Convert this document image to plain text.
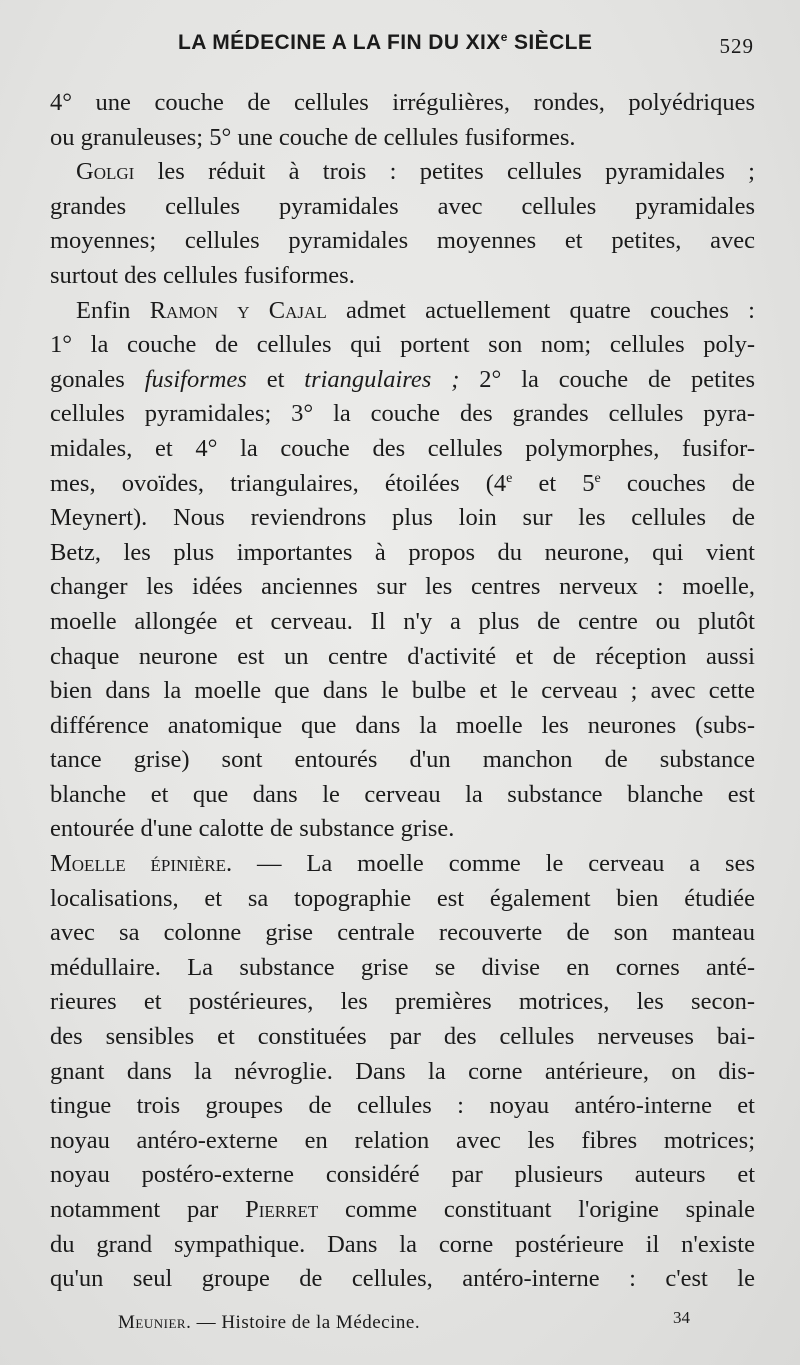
LA MÉDECINE A LA FIN DU XIXe SIÈCLE	529
4° une couche de cellules irrégulières, rondes, polyédriques
ou granuleuses; 5° une couche de cellules fusiformes.
Golgi les réduit à trois : petites cellules pyramidales ;
grandes cellules pyramidales avec cellules pyramidales
moyennes; cellules pyramidales moyennes et petites, avec
surtout des cellules fusiformes.
Enfin Ramon y Cajal admet actuellement quatre couches :
1° la couche de cellules qui portent son nom; cellules poly-
gonales fusiformes et triangulaires ; 2° la couche de petites
cellules pyramidales; 3° la couche des grandes cellules pyra-
midales, et 4° la couche des cellules polymorphes, fusifor-
mes, ovoïdes, triangulaires, étoilées (4e et 5e couches de
Meynert). Nous reviendrons plus loin sur les cellules de
Betz, les plus importantes à propos du neurone, qui vient
changer les idées anciennes sur les centres nerveux : moelle,
moelle allongée et cerveau. Il n'y a plus de centre ou plutôt
chaque neurone est un centre d'activité et de réception aussi
bien dans la moelle que dans le bulbe et le cerveau ; avec cette
différence anatomique que dans la moelle les neurones (subs-
tance grise) sont entourés d'un manchon de substance
blanche et que dans le cerveau la substance blanche est
entourée d'une calotte de substance grise.
Moelle épinière. — La moelle comme le cerveau a ses
localisations, et sa topographie est également bien étudiée
avec sa colonne grise centrale recouverte de son manteau
médullaire. La substance grise se divise en cornes anté-
rieures et postérieures, les premières motrices, les secon-
des sensibles et constituées par des cellules nerveuses bai-
gnant dans la névroglie. Dans la corne antérieure, on dis-
tingue trois groupes de cellules : noyau antéro-interne et
noyau antéro-externe en relation avec les fibres motrices;
noyau postéro-externe considéré par plusieurs auteurs et
notamment par Pierret comme constituant l'origine spinale
du grand sympathique. Dans la corne postérieure il n'existe
qu'un seul groupe de cellules, antéro-interne : c'est le
Meunier. — Histoire de la Médecine.	34
